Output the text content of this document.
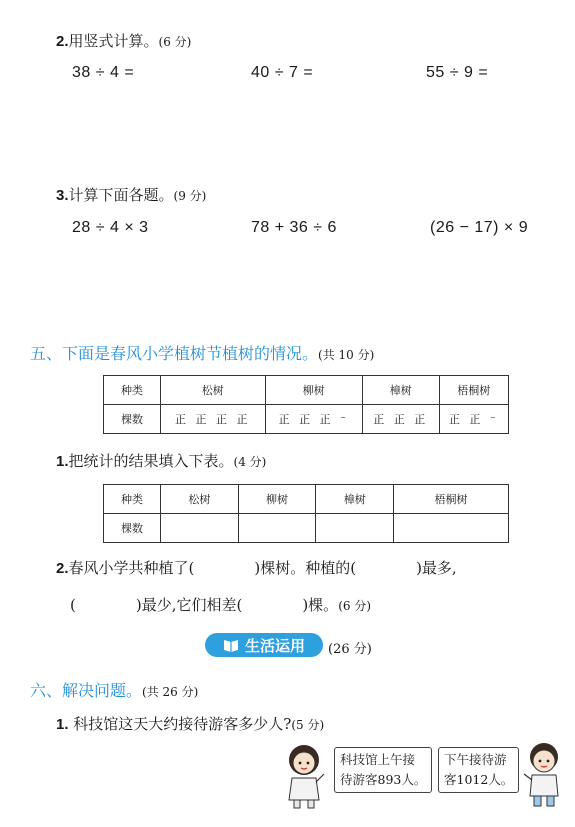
2.用竖式计算。(6 分)
38 ÷ 4 =	40 ÷ 7 =	55 ÷ 9 =
3.计算下面各题。(9 分)
28 ÷ 4 × 3	78 + 36 ÷ 6	(26 − 17) × 9
五、下面是春风小学植树节植树的情况。(共 10 分)
种类	松树	柳树	樟树	梧桐树
棵数	正 正 正 正	正 正 正 ⁻	正 正 正	正 正 ⁻
1.把统计的结果填入下表。(4 分)
种类	松树	柳树	樟树	梧桐树
棵数				
2.春风小学共种植了(　　　　)棵树。种植的(　　　　)最多,
(　　　　)最少,它们相差(　　　　)棵。(6 分)
生活运用 (26 分)
六、解决问题。(共 26 分)
1. 科技馆这天大约接待游客多少人?(5 分)
科技馆上午接
待游客893人。
下午接待游
客1012人。
